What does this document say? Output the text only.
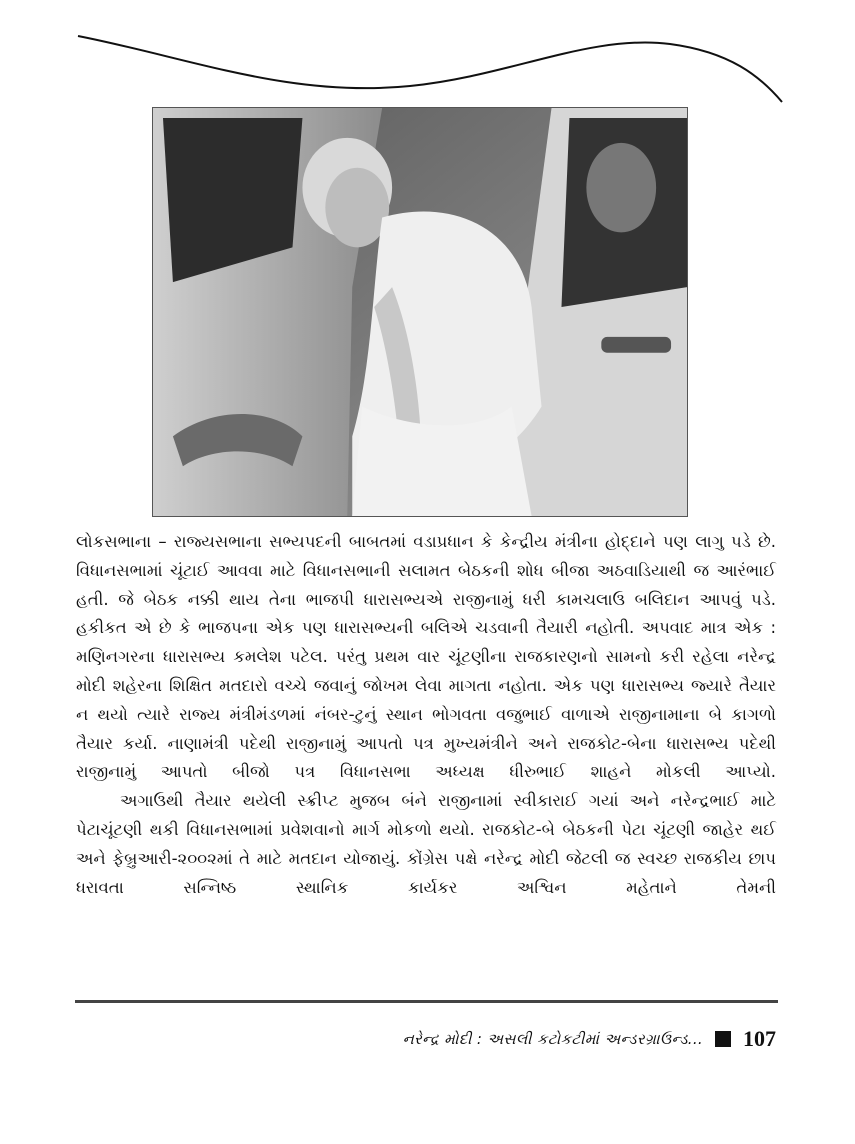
લોકસભાના – રાજ્યસભાના સભ્યપદની બાબતમાં વડાપ્રધાન કે કેન્દ્રીય મંત્રીના હોદ્દાને પણ લાગુ પડે છે. વિધાનસભામાં ચૂંટાઈ આવવા માટે વિધાનસભાની સલામત બેઠકની શોધ બીજા અઠવાડિયાથી જ આરંભાઈ હતી. જે બેઠક નક્કી થાય તેના ભાજપી ધારાસભ્યએ રાજીનામું ધરી કામચલાઉ બલિદાન આપવું પડે. હકીકત એ છે કે ભાજપના એક પણ ધારાસભ્યની બલિએ ચડવાની તૈયારી નહોતી. અપવાદ માત્ર એક : મણિનગરના ધારાસભ્ય કમલેશ પટેલ. પરંતુ પ્રથમ વાર ચૂંટણીના રાજકારણનો સામનો કરી રહેલા નરેન્દ્ર મોદી શહેરના શિક્ષિત મતદારો વચ્ચે જવાનું જોખમ લેવા માગતા નહોતા. એક પણ ધારાસભ્ય જ્યારે તૈયાર ન થયો ત્યારે રાજ્ય મંત્રીમંડળમાં નંબર-ટુનું સ્થાન ભોગવતા વજુભાઈ વાળાએ રાજીનામાના બે કાગળો તૈયાર કર્યા. નાણામંત્રી પદેથી રાજીનામું આપતો પત્ર મુખ્યમંત્રીને અને રાજકોટ-બેના ધારાસભ્ય પદેથી રાજીનામું આપતો બીજો પત્ર વિધાનસભા અધ્યક્ષ ધીરુભાઈ શાહને મોકલી આપ્યો.

અગાઉથી તૈયાર થયેલી સ્ક્રીપ્ટ મુજબ બંને રાજીનામાં સ્વીકારાઈ ગયાં અને નરેન્દ્રભાઈ માટે પેટાચૂંટણી થકી વિધાનસભામાં પ્રવેશવાનો માર્ગ મોકળો થયો. રાજકોટ-બે બેઠકની પેટા ચૂંટણી જાહેર થઈ અને ફેબ્રુઆરી-૨૦૦૨માં તે માટે મતદાન યોજાયું. કોંગ્રેસ પક્ષે નરેન્દ્ર મોદી જેટલી જ સ્વચ્છ રાજકીય છાપ ધરાવતા સન્નિષ્ઠ સ્થાનિક કાર્યકર અશ્વિન મહેતાને તેમની

નરેન્દ્ર મોદી : અસલી કટોકટીમાં અન્ડરગ્રાઉન્ડ... 107
